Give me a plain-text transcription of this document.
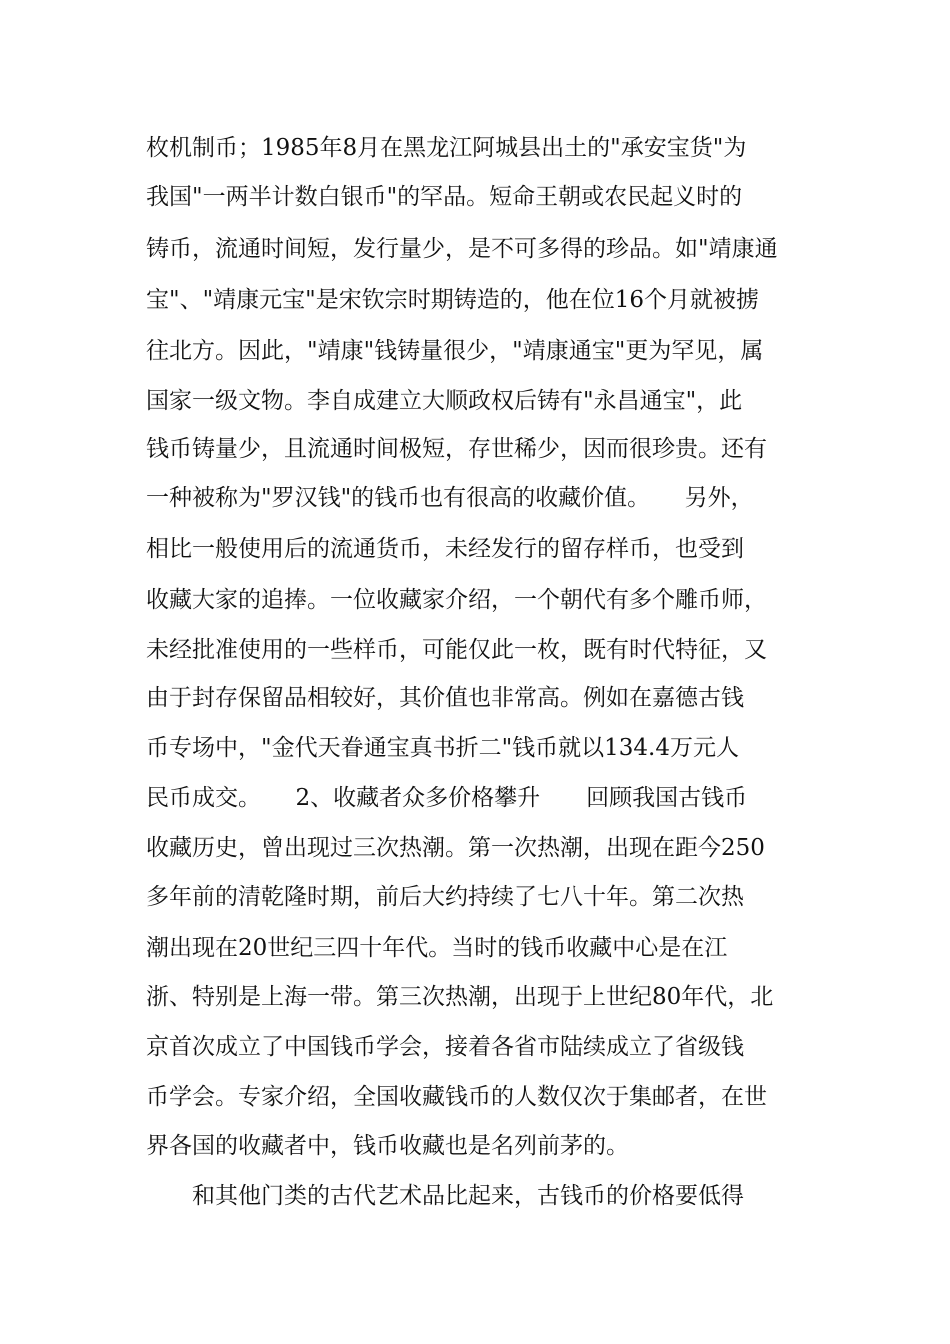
枚机制币；1985年8月在黑龙江阿城县出土的"承安宝货"为
我国"一两半计数白银币"的罕品。短命王朝或农民起义时的
铸币，流通时间短，发行量少，是不可多得的珍品。如"靖康通
宝"、"靖康元宝"是宋钦宗时期铸造的，他在位16个月就被掳
往北方。因此，"靖康"钱铸量很少，"靖康通宝"更为罕见，属
国家一级文物。李自成建立大顺政权后铸有"永昌通宝"，此
钱币铸量少，且流通时间极短，存世稀少，因而很珍贵。还有
一种被称为"罗汉钱"的钱币也有很高的收藏价值。　　另外，
相比一般使用后的流通货币，未经发行的留存样币，也受到
收藏大家的追捧。一位收藏家介绍，一个朝代有多个雕币师，
未经批准使用的一些样币，可能仅此一枚，既有时代特征，又
由于封存保留品相较好，其价值也非常高。例如在嘉德古钱
币专场中，"金代天眷通宝真书折二"钱币就以134.4万元人
民币成交。　　2、收藏者众多价格攀升　　回顾我国古钱币
收藏历史，曾出现过三次热潮。第一次热潮，出现在距今250
多年前的清乾隆时期，前后大约持续了七八十年。第二次热
潮出现在20世纪三四十年代。当时的钱币收藏中心是在江
浙、特别是上海一带。第三次热潮，出现于上世纪80年代，北
京首次成立了中国钱币学会，接着各省市陆续成立了省级钱
币学会。专家介绍，全国收藏钱币的人数仅次于集邮者，在世
界各国的收藏者中，钱币收藏也是名列前茅的。
　　和其他门类的古代艺术品比起来，古钱币的价格要低得
